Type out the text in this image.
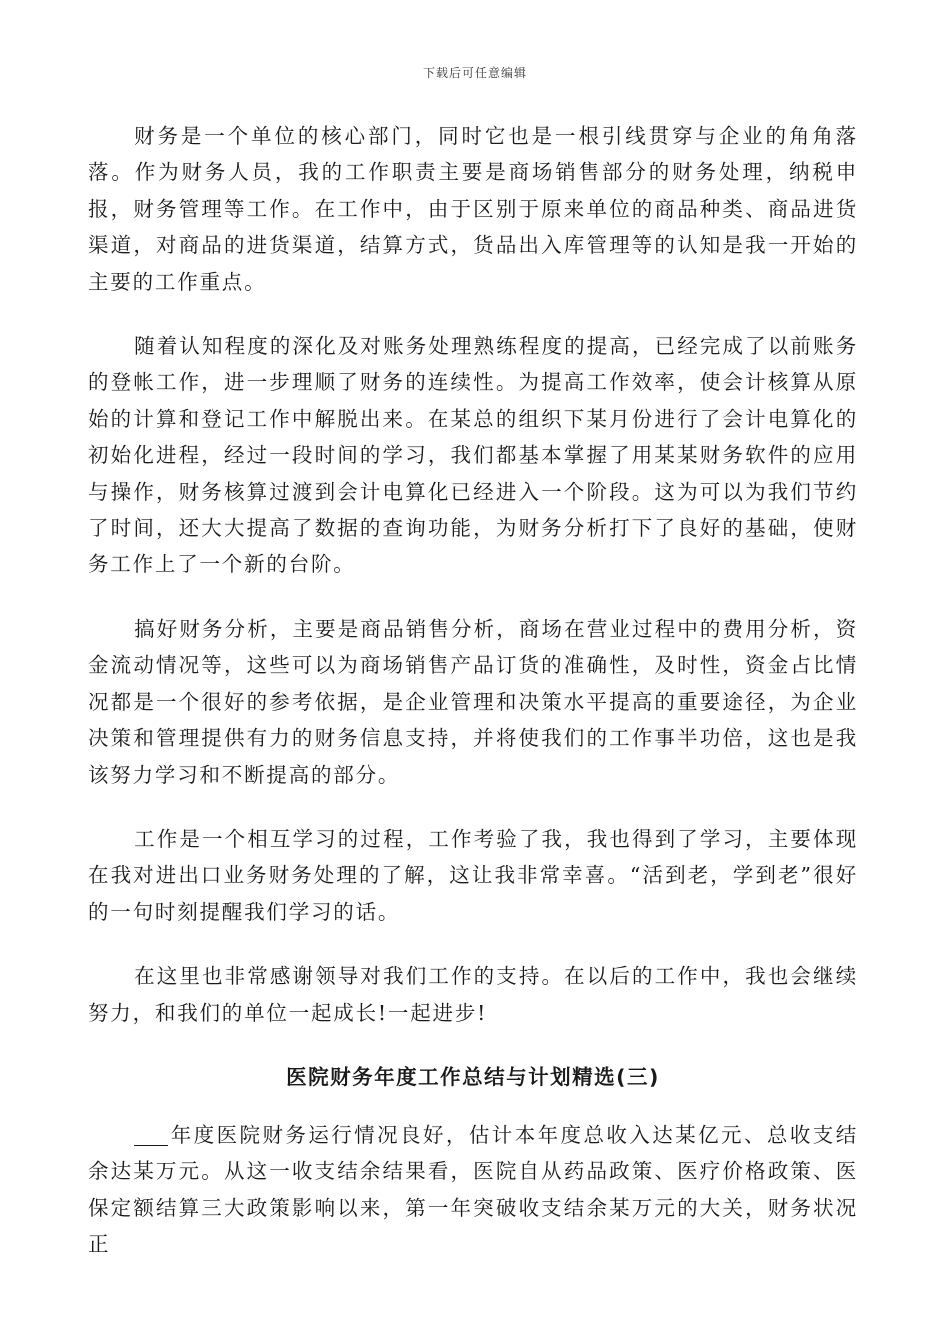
下载后可任意编辑

财务是一个单位的核心部门，同时它也是一根引线贯穿与企业的角角落落。作为财务人员，我的工作职责主要是商场销售部分的财务处理，纳税申报，财务管理等工作。在工作中，由于区别于原来单位的商品种类、商品进货渠道，对商品的进货渠道，结算方式，货品出入库管理等的认知是我一开始的主要的工作重点。

随着认知程度的深化及对账务处理熟练程度的提高，已经完成了以前账务的登帐工作，进一步理顺了财务的连续性。为提高工作效率，使会计核算从原始的计算和登记工作中解脱出来。在某总的组织下某月份进行了会计电算化的初始化进程，经过一段时间的学习，我们都基本掌握了用某某财务软件的应用与操作，财务核算过渡到会计电算化已经进入一个阶段。这为可以为我们节约了时间，还大大提高了数据的查询功能，为财务分析打下了良好的基础，使财务工作上了一个新的台阶。

搞好财务分析，主要是商品销售分析，商场在营业过程中的费用分析，资金流动情况等，这些可以为商场销售产品订货的准确性，及时性，资金占比情况都是一个很好的参考依据，是企业管理和决策水平提高的重要途径，为企业决策和管理提供有力的财务信息支持，并将使我们的工作事半功倍，这也是我该努力学习和不断提高的部分。

工作是一个相互学习的过程，工作考验了我，我也得到了学习，主要体现在我对进出口业务财务处理的了解，这让我非常幸喜。“活到老，学到老”很好的一句时刻提醒我们学习的话。

在这里也非常感谢领导对我们工作的支持。在以后的工作中，我也会继续努力，和我们的单位一起成长!一起进步!

医院财务年度工作总结与计划精选(三)

年度医院财务运行情况良好，估计本年度总收入达某亿元、总收支结余达某万元。从这一收支结余结果看，医院自从药品政策、医疗价格政策、医保定额结算三大政策影响以来，第一年突破收支结余某万元的大关，财务状况正
